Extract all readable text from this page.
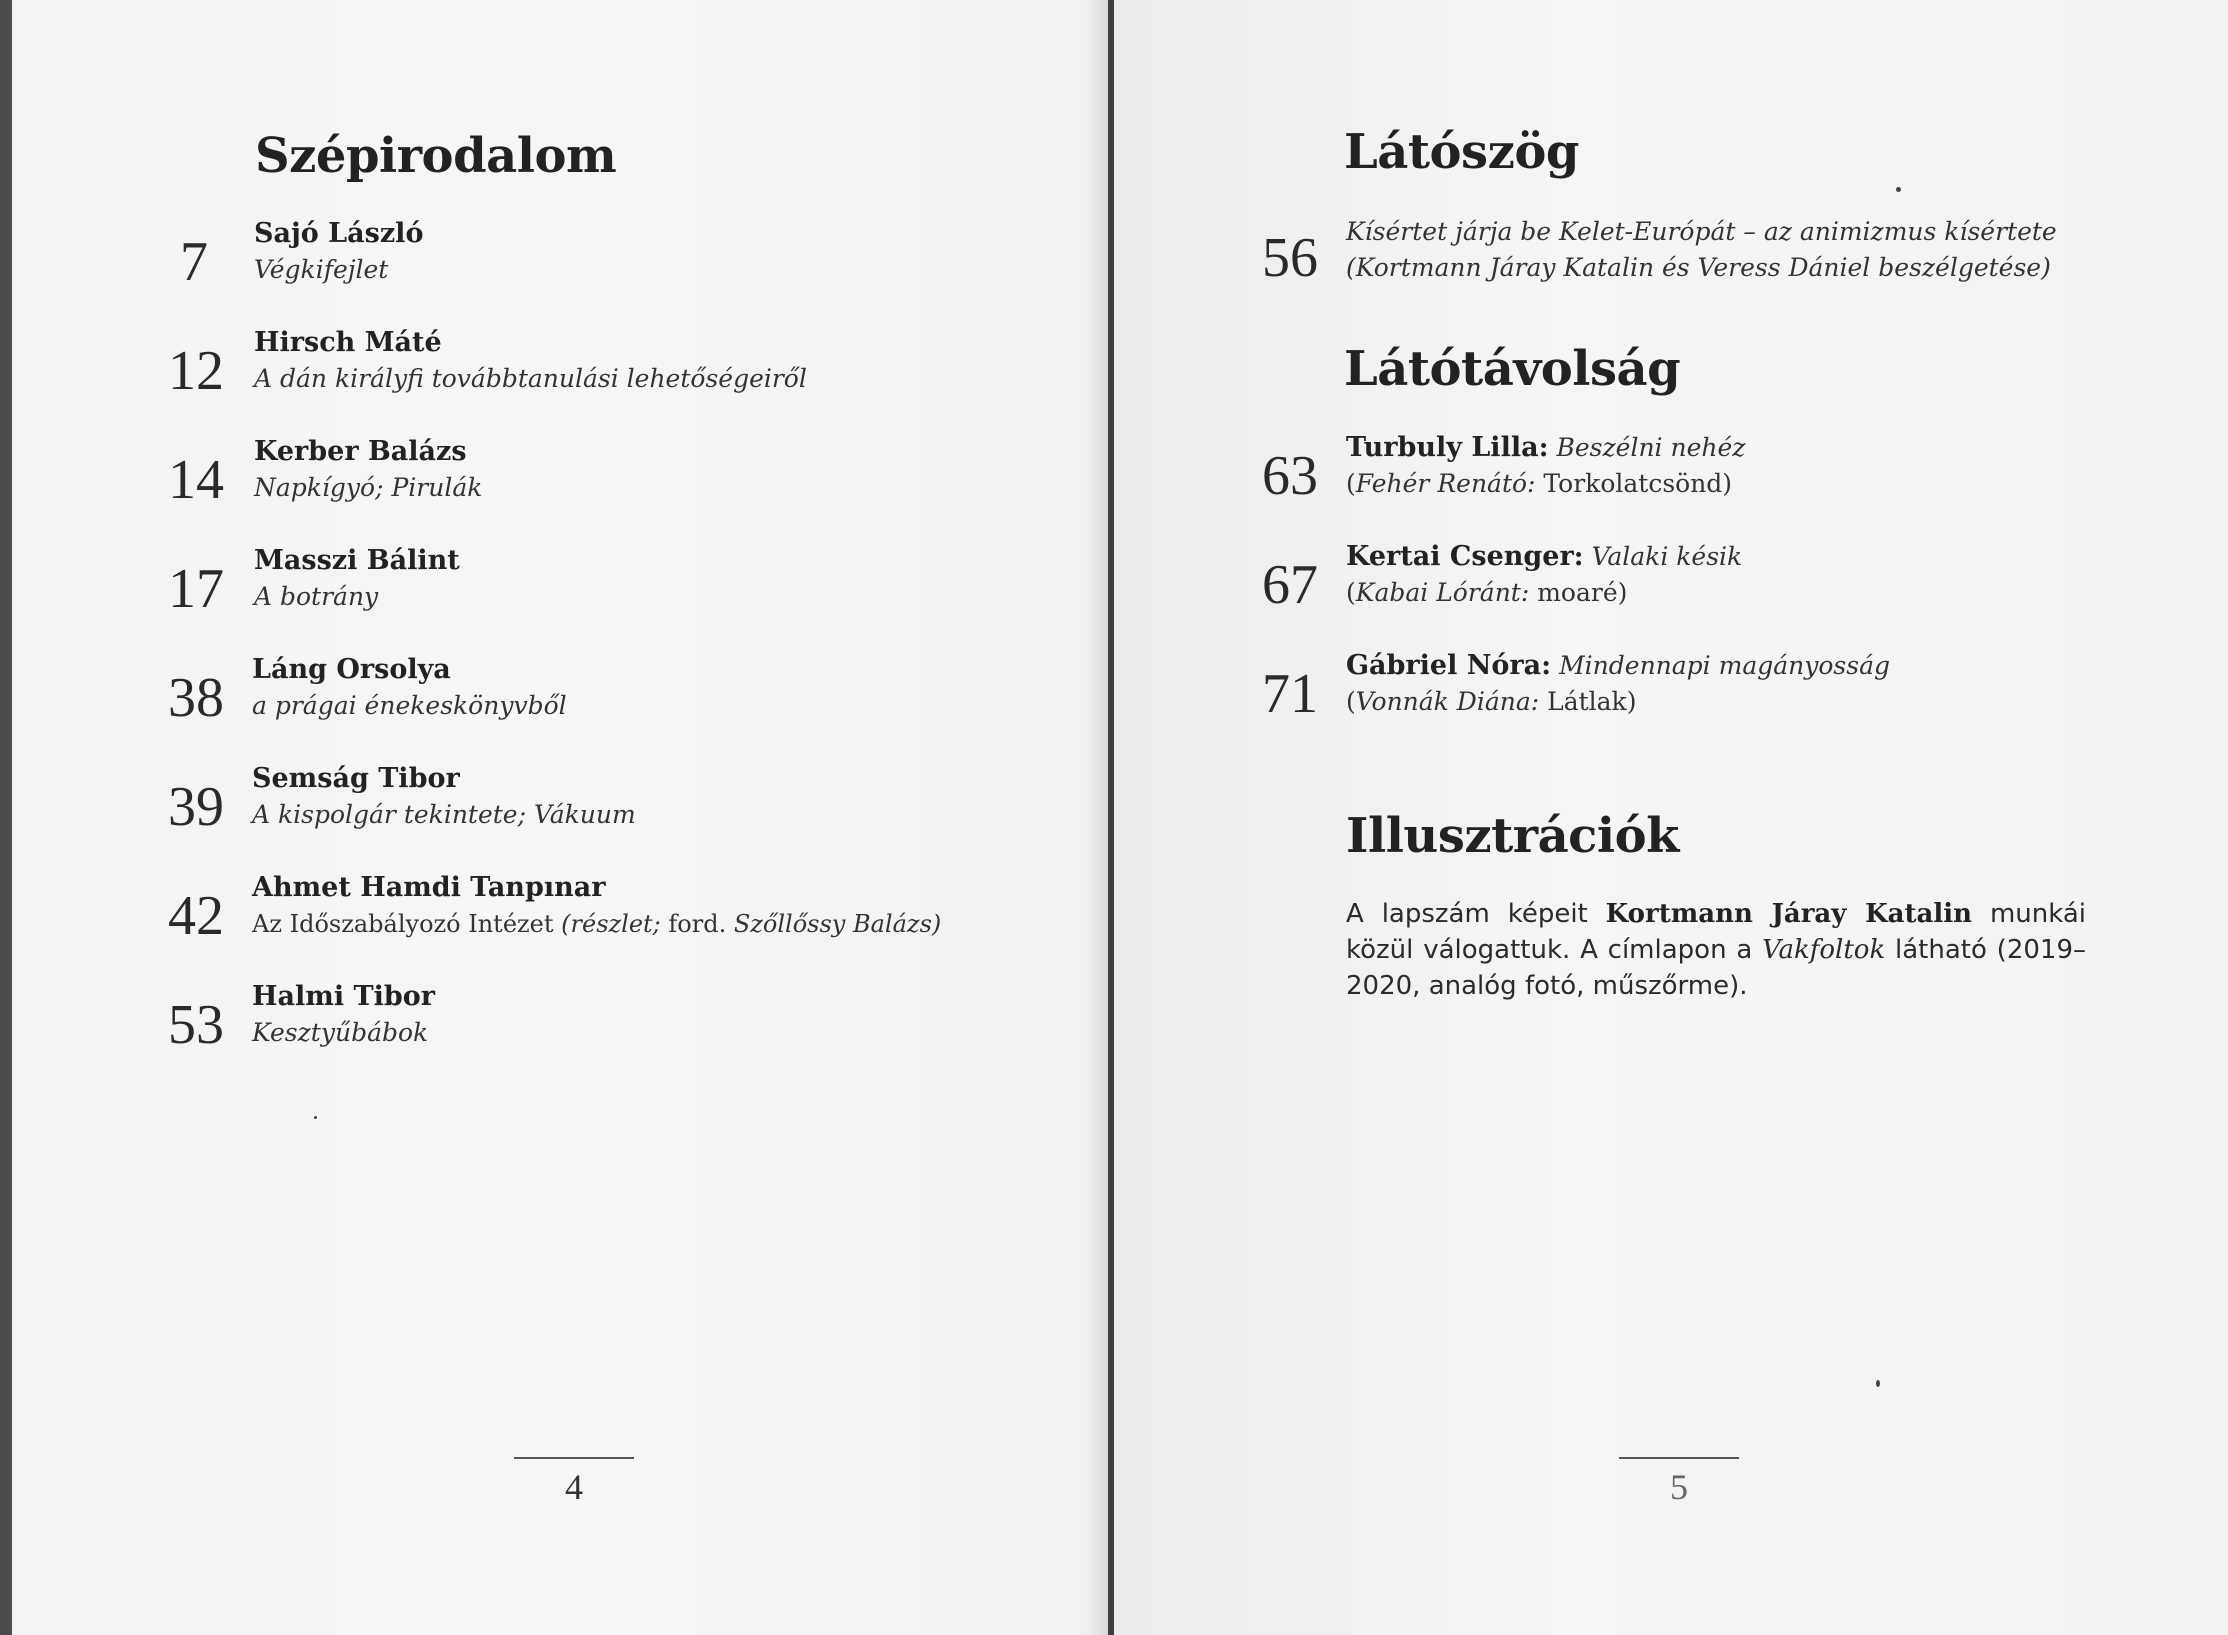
Szépirodalom
7 Sajó László
Végkifejlet
12 Hirsch Máté
A dán királyfi továbbtanulási lehetőségeiről
14 Kerber Balázs
Napkígyó; Pirulák
17 Masszi Bálint
A botrány
38 Láng Orsolya
a prágai énekeskönyvből
39 Semság Tibor
A kispolgár tekintete; Vákuum
42 Ahmet Hamdi Tanpınar
Az Időszabályozó Intézet (részlet; ford. Szőllőssy Balázs)
53 Halmi Tibor
Kesztyűbábok
4
Látószög
56 Kísértet járja be Kelet-Európát – az animizmus kísértete
(Kortmann Járay Katalin és Veress Dániel beszélgetése)
Látótávolság
63 Turbuly Lilla: Beszélni nehéz
(Fehér Renátó: Torkolatcsönd)
67 Kertai Csenger: Valaki késik
(Kabai Lóránt: moaré)
71 Gábriel Nóra: Mindennapi magányosság
(Vonnák Diána: Látlak)
Illusztrációk

A lapszám képeit Kortmann Járay Katalin munkái közül válogattuk. A címlapon a Vakfoltok látható (2019–2020, analóg fotó, műszőrme).

5
